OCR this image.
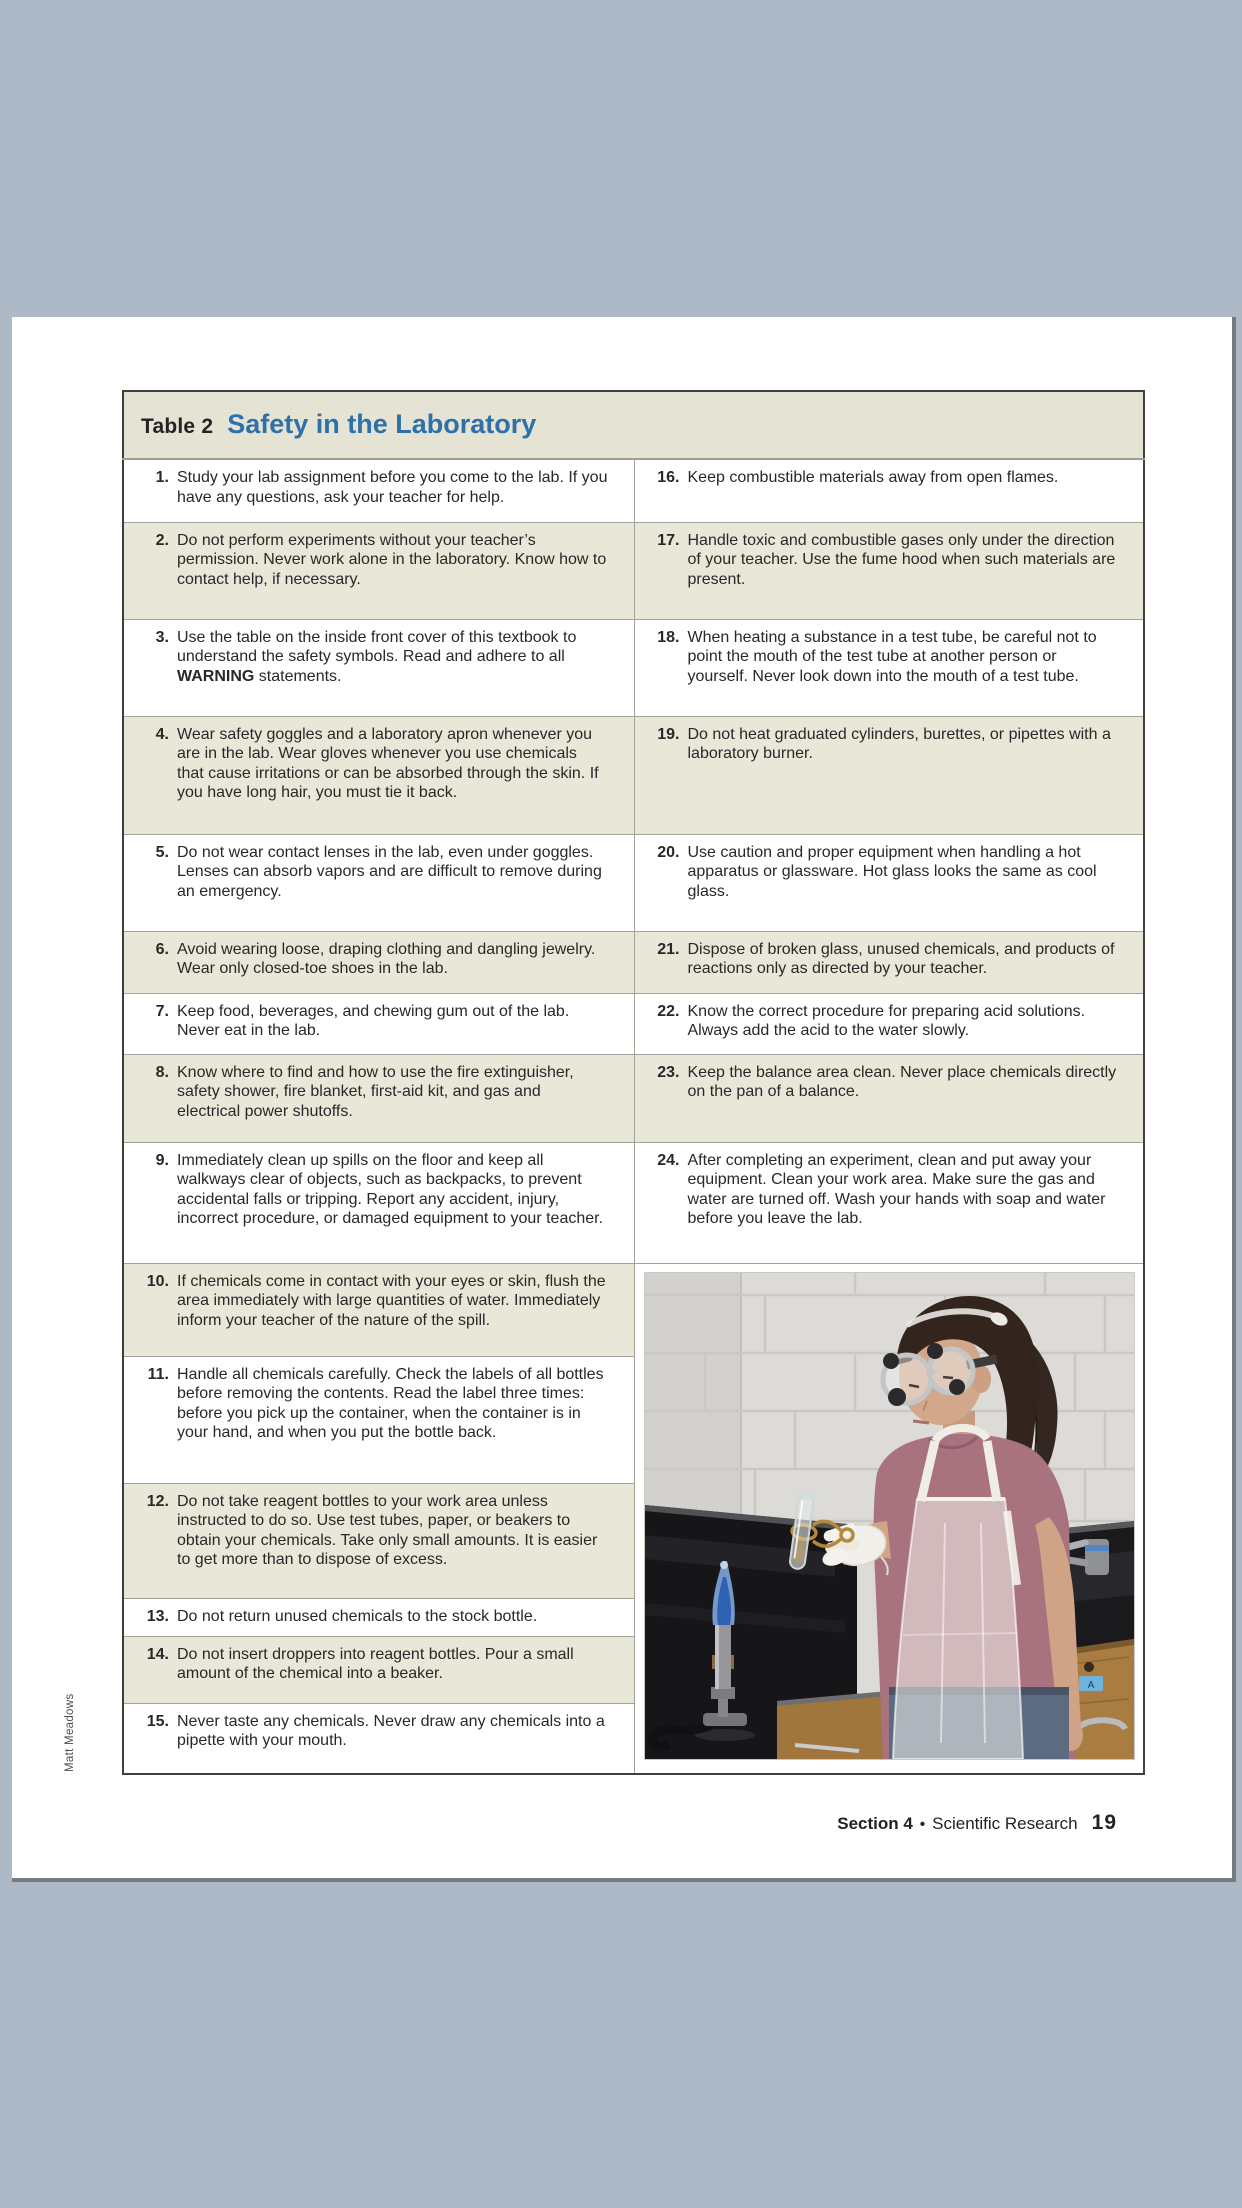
Table 2 Safety in the Laboratory	

1. Study your lab assignment before you come to the lab. If you have any questions, ask your teacher for help.	16. Keep combustible materials away from open flames.

2. Do not perform experiments without your teacher’s permission. Never work alone in the laboratory. Know how to contact help, if necessary.	17. Handle toxic and combustible gases only under the direction of your teacher. Use the fume hood when such materials are present.

3. Use the table on the inside front cover of this textbook to understand the safety symbols. Read and adhere to all WARNING statements.	18. When heating a substance in a test tube, be careful not to point the mouth of the test tube at another person or yourself. Never look down into the mouth of a test tube.

4. Wear safety goggles and a laboratory apron whenever you are in the lab. Wear gloves whenever you use chemicals that cause irritations or can be absorbed through the skin. If you have long hair, you must tie it back.	19. Do not heat graduated cylinders, burettes, or pipettes with a laboratory burner.

5. Do not wear contact lenses in the lab, even under goggles. Lenses can absorb vapors and are difficult to remove during an emergency.	20. Use caution and proper equipment when handling a hot apparatus or glassware. Hot glass looks the same as cool glass.

6. Avoid wearing loose, draping clothing and dangling jewelry. Wear only closed-toe shoes in the lab.	21. Dispose of broken glass, unused chemicals, and products of reactions only as directed by your teacher.

7. Keep food, beverages, and chewing gum out of the lab. Never eat in the lab.	22. Know the correct procedure for preparing acid solutions. Always add the acid to the water slowly.

8. Know where to find and how to use the fire extinguisher, safety shower, fire blanket, first-aid kit, and gas and electrical power shutoffs.	23. Keep the balance area clean. Never place chemicals directly on the pan of a balance.

9. Immediately clean up spills on the floor and keep all walkways clear of objects, such as backpacks, to prevent accidental falls or tripping. Report any accident, injury, incorrect procedure, or damaged equipment to your teacher.	24. After completing an experiment, clean and put away your equipment. Clean your work area. Make sure the gas and water are turned off. Wash your hands with soap and water before you leave the lab.

10. If chemicals come in contact with your eyes or skin, flush the area immediately with large quantities of water. Immediately inform your teacher of the nature of the spill.	A

11. Handle all chemicals carefully. Check the labels of all bottles before removing the contents. Read the label three times: before you pick up the container, when the container is in your hand, and when you put the bottle back.	

12. Do not take reagent bottles to your work area unless instructed to do so. Use test tubes, paper, or beakers to obtain your chemicals. Take only small amounts. It is easier to get more than to dispose of excess.	

13. Do not return unused chemicals to the stock bottle.	

14. Do not insert droppers into reagent bottles. Pour a small amount of the chemical into a beaker.	

15. Never taste any chemicals. Never draw any chemicals into a pipette with your mouth.	
Matt Meadows
Section 4 • Scientific Research 19
